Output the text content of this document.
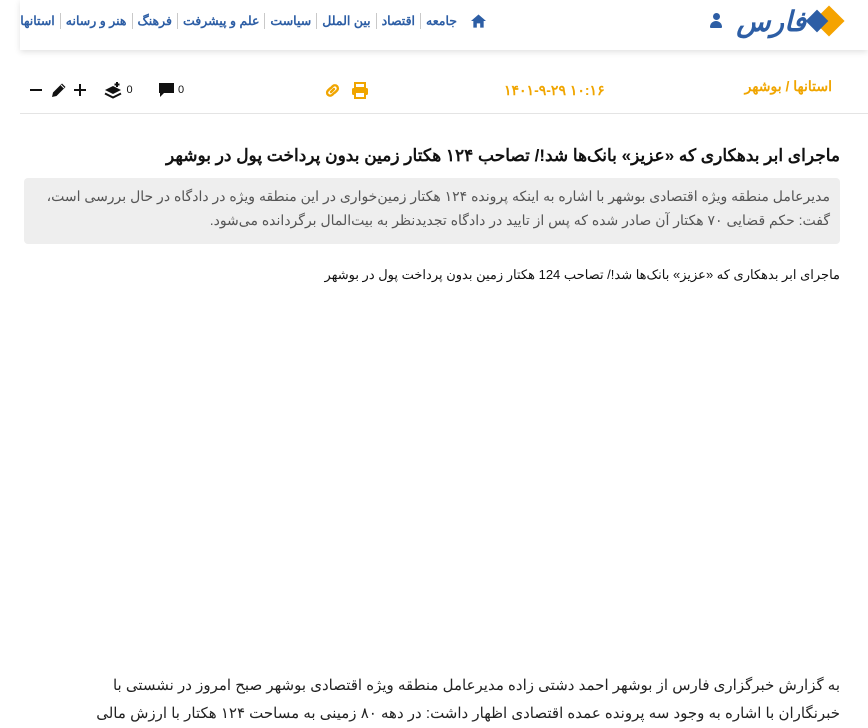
فارس
جامعه
اقتصاد
بین الملل
سیاست
علم و پیشرفت
فرهنگ
هنر و رسانه
استانها
استانها / بوشهر
۱۴۰۱-۹-۲۹ ۱۰:۱۶
0
0
ماجرای ابر بدهکاری که «عزیز» بانک‌ها شد!/ تصاحب ۱۲۴ هکتار زمین بدون پرداخت پول در بوشهر
مدیرعامل منطقه ویژه اقتصادی بوشهر با اشاره به اینکه پرونده ۱۲۴ هکتار زمین‌خواری در این منطقه ویژه در دادگاه در حال بررسی است، گفت: حکم قضایی ۷۰ هکتار آن صادر شده که پس از تایید در دادگاه تجدیدنظر به بیت‌المال برگردانده می‌شود.
ماجرای ابر بدهکاری که «عزیز» بانک‌ها شد!/ تصاحب 124 هکتار زمین بدون پرداخت پول در بوشهر
به گزارش خبرگزاری فارس از بوشهر احمد دشتی زاده مدیرعامل منطقه ویژه اقتصادی بوشهر صبح امروز در نشستی با
خبرنگاران با اشاره به وجود سه پرونده عمده اقتصادی اظهار داشت: در دهه ۸۰ زمینی به مساحت ۱۲۴ هکتار با ارزش مالی
